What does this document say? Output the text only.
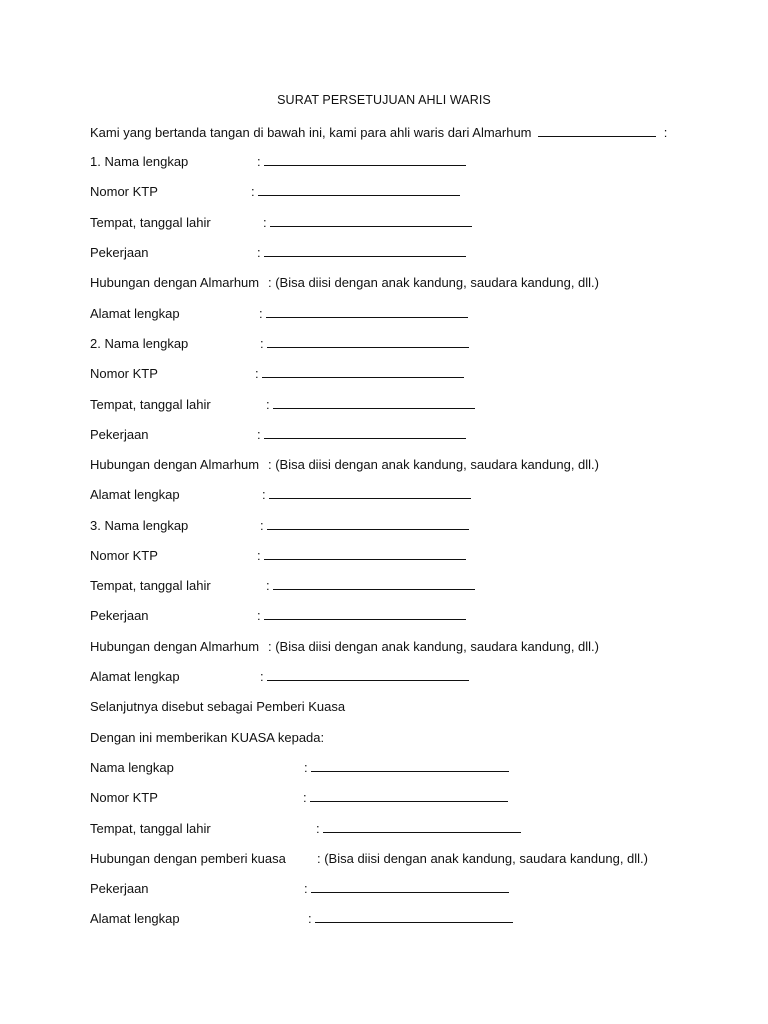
SURAT PERSETUJUAN AHLI WARIS
Kami yang bertanda tangan di bawah ini, kami para ahli waris dari Almarhum	:
1. Nama lengkap	:
Nomor KTP	:
Tempat, tanggal lahir	:
Pekerjaan	:
Hubungan dengan Almarhum : (Bisa diisi dengan anak kandung, saudara kandung, dll.)
Alamat lengkap	:
2. Nama lengkap	:
Nomor KTP	:
Tempat, tanggal lahir	:
Pekerjaan	:
Hubungan dengan Almarhum : (Bisa diisi dengan anak kandung, saudara kandung, dll.)
Alamat lengkap	:
3. Nama lengkap	:
Nomor KTP	:
Tempat, tanggal lahir	:
Pekerjaan	:
Hubungan dengan Almarhum : (Bisa diisi dengan anak kandung, saudara kandung, dll.)
Alamat lengkap	:
Selanjutnya disebut sebagai Pemberi Kuasa
Dengan ini memberikan KUASA kepada:
Nama lengkap	:
Nomor KTP	:
Tempat, tanggal lahir	:
Hubungan dengan pemberi kuasa : (Bisa diisi dengan anak kandung, saudara kandung, dll.)
Pekerjaan	:
Alamat lengkap	:
